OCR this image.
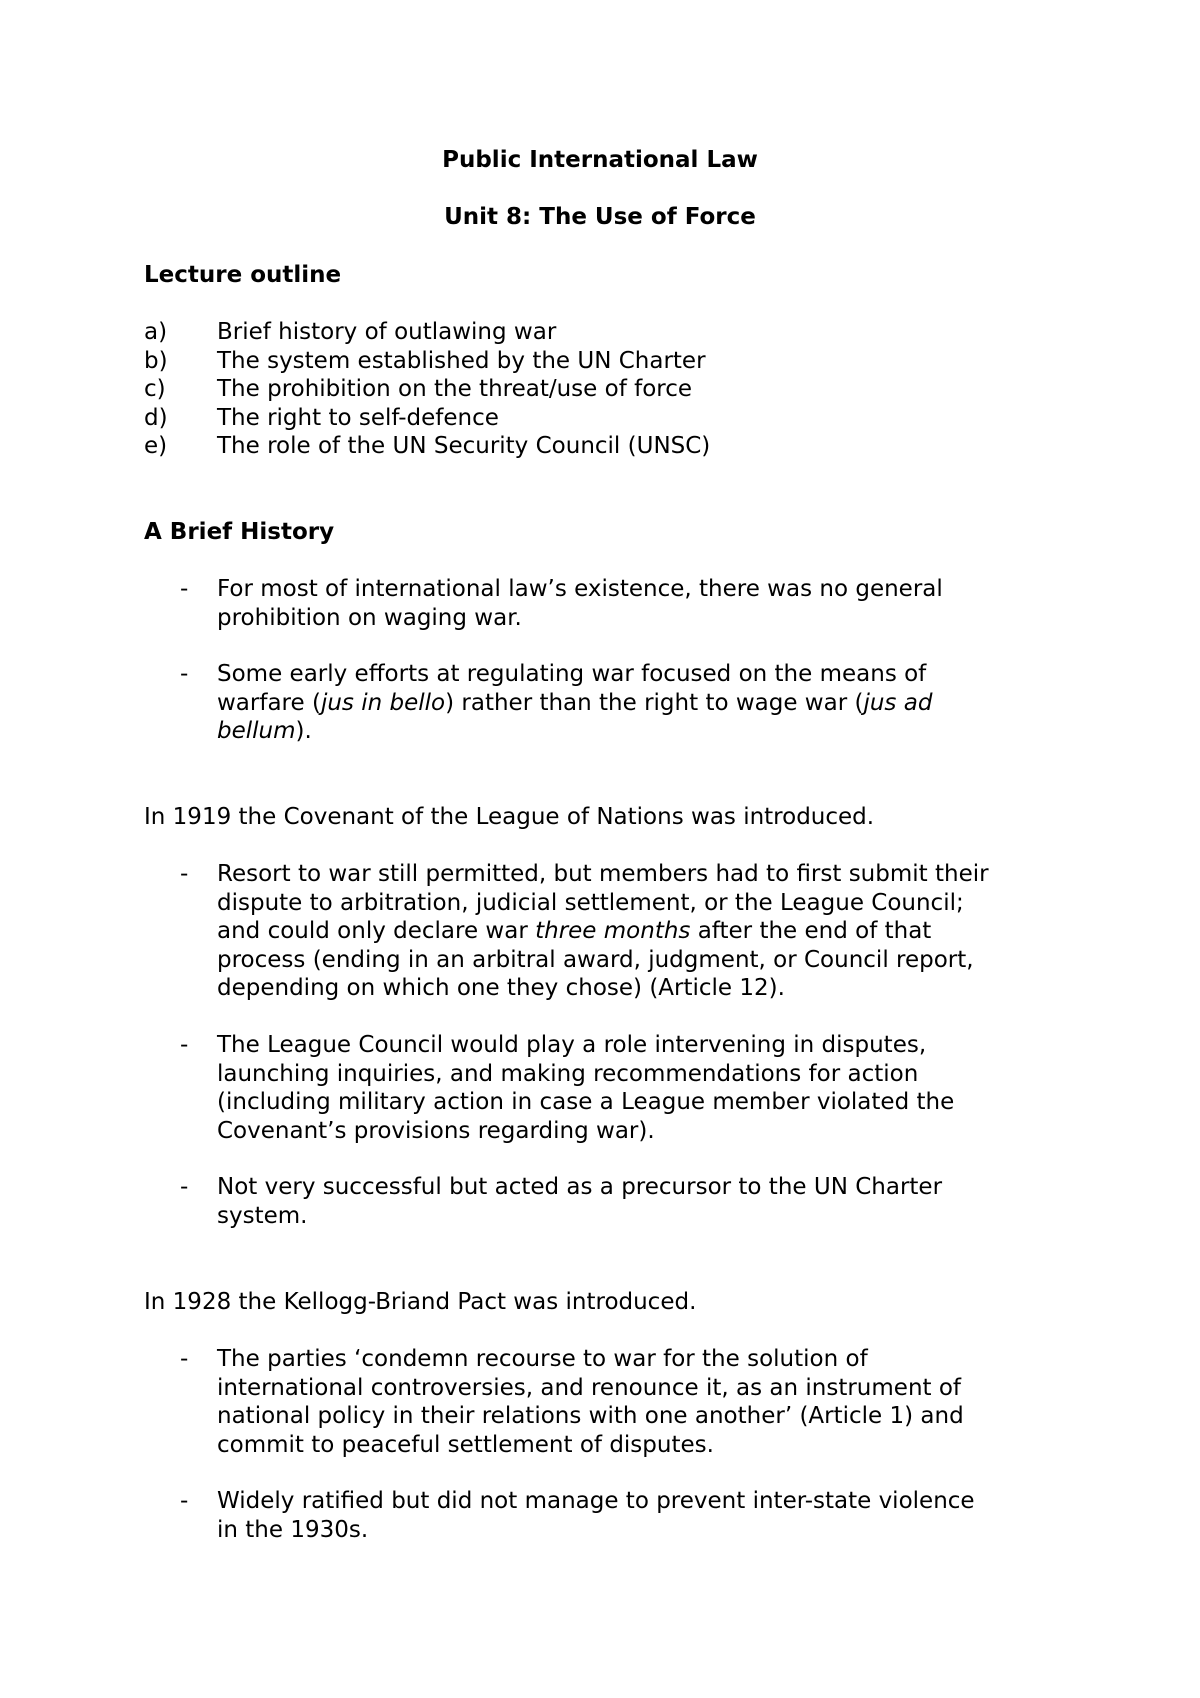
Public International Law
Unit 8: The Use of Force
Lecture outline
a) Brief history of outlawing war
b) The system established by the UN Charter
c) The prohibition on the threat/use of force
d) The right to self-defence
e) The role of the UN Security Council (UNSC)
A Brief History
- For most of international law’s existence, there was no general
prohibition on waging war.
- Some early efforts at regulating war focused on the means of
warfare (jus in bello) rather than the right to wage war (jus ad
bellum).
In 1919 the Covenant of the League of Nations was introduced.
- Resort to war still permitted, but members had to first submit their
dispute to arbitration, judicial settlement, or the League Council;
and could only declare war three months after the end of that
process (ending in an arbitral award, judgment, or Council report,
depending on which one they chose) (Article 12).
- The League Council would play a role intervening in disputes,
launching inquiries, and making recommendations for action
(including military action in case a League member violated the
Covenant’s provisions regarding war).
- Not very successful but acted as a precursor to the UN Charter
system.
In 1928 the Kellogg-Briand Pact was introduced.
- The parties ‘condemn recourse to war for the solution of
international controversies, and renounce it, as an instrument of
national policy in their relations with one another’ (Article 1) and
commit to peaceful settlement of disputes.
- Widely ratified but did not manage to prevent inter-state violence
in the 1930s.
